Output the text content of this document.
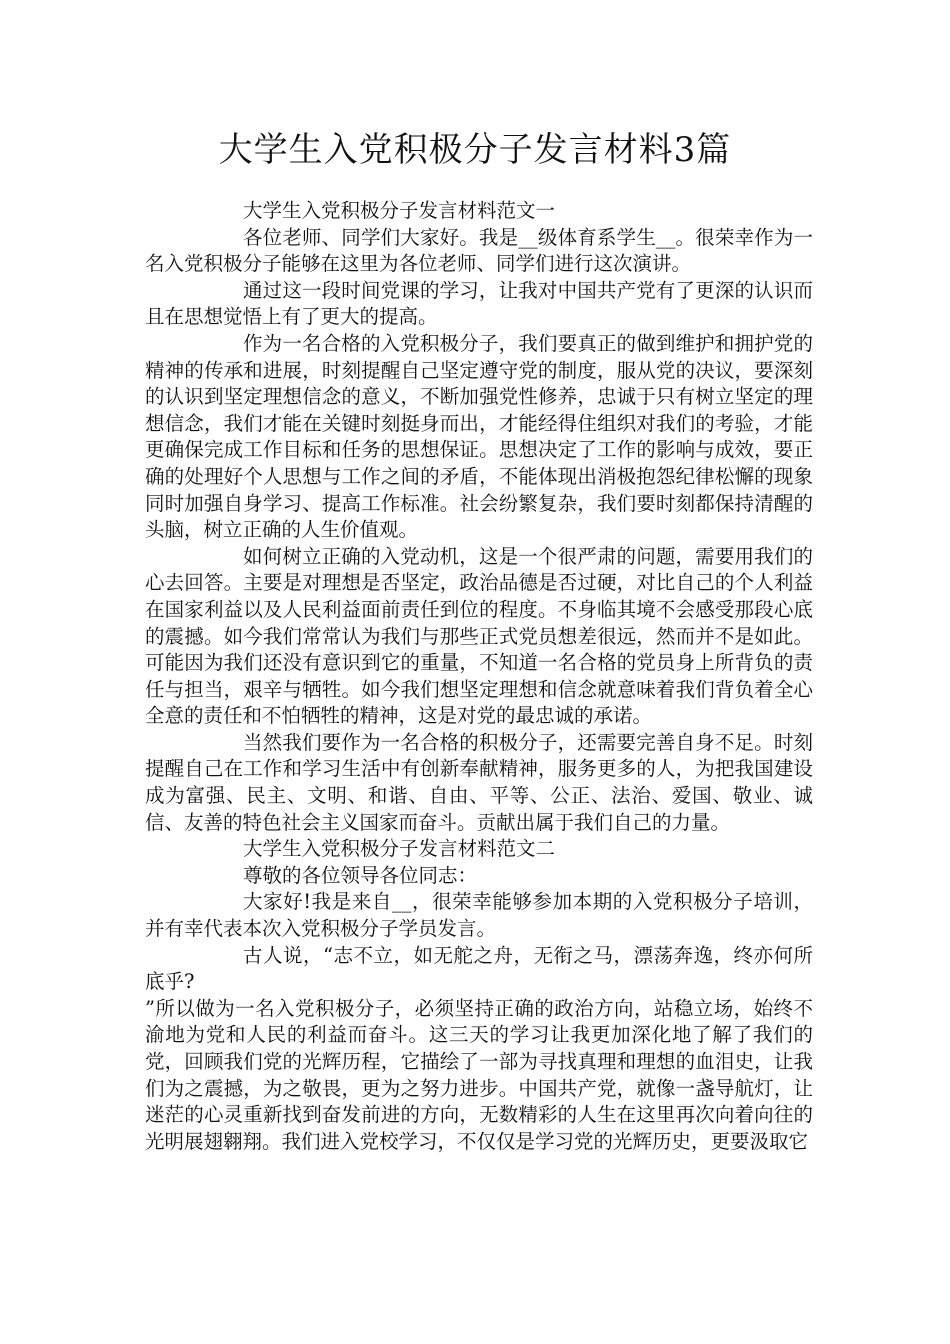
大学生入党积极分子发言材料3篇

大学生入党积极分子发言材料范文一

各位老师、同学们大家好。我是__级体育系学生__。很荣幸作为一名入党积极分子能够在这里为各位老师、同学们进行这次演讲。

通过这一段时间党课的学习，让我对中国共产党有了更深的认识而且在思想觉悟上有了更大的提高。

作为一名合格的入党积极分子，我们要真正的做到维护和拥护党的精神的传承和进展，时刻提醒自己坚定遵守党的制度，服从党的决议，要深刻的认识到坚定理想信念的意义，不断加强党性修养，忠诚于只有树立坚定的理想信念，我们才能在关键时刻挺身而出，才能经得住组织对我们的考验，才能更确保完成工作目标和任务的思想保证。思想决定了工作的影响与成效，要正确的处理好个人思想与工作之间的矛盾，不能体现出消极抱怨纪律松懈的现象同时加强自身学习、提高工作标准。社会纷繁复杂，我们要时刻都保持清醒的头脑，树立正确的人生价值观。

如何树立正确的入党动机，这是一个很严肃的问题，需要用我们的心去回答。主要是对理想是否坚定，政治品德是否过硬，对比自己的个人利益在国家利益以及人民利益面前责任到位的程度。不身临其境不会感受那段心底的震撼。如今我们常常认为我们与那些正式党员想差很远，然而并不是如此。可能因为我们还没有意识到它的重量，不知道一名合格的党员身上所背负的责任与担当，艰辛与牺牲。如今我们想坚定理想和信念就意味着我们背负着全心全意的责任和不怕牺牲的精神，这是对党的最忠诚的承诺。

当然我们要作为一名合格的积极分子，还需要完善自身不足。时刻提醒自己在工作和学习生活中有创新奉献精神，服务更多的人，为把我国建设成为富强、民主、文明、和谐、自由、平等、公正、法治、爱国、敬业、诚信、友善的特色社会主义国家而奋斗。贡献出属于我们自己的力量。

大学生入党积极分子发言材料范文二

尊敬的各位领导各位同志：

大家好!我是来自__，很荣幸能够参加本期的入党积极分子培训，并有幸代表本次入党积极分子学员发言。

古人说，“志不立，如无舵之舟，无衔之马，漂荡奔逸，终亦何所底乎?

”所以做为一名入党积极分子，必须坚持正确的政治方向，站稳立场，始终不渝地为党和人民的利益而奋斗。这三天的学习让我更加深化地了解了我们的党，回顾我们党的光辉历程，它描绘了一部为寻找真理和理想的血泪史，让我们为之震撼，为之敬畏，更为之努力进步。中国共产党，就像一盏导航灯，让迷茫的心灵重新找到奋发前进的方向，无数精彩的人生在这里再次向着向往的光明展翅翱翔。我们进入党校学习，不仅仅是学习党的光辉历史，更要汲取它
